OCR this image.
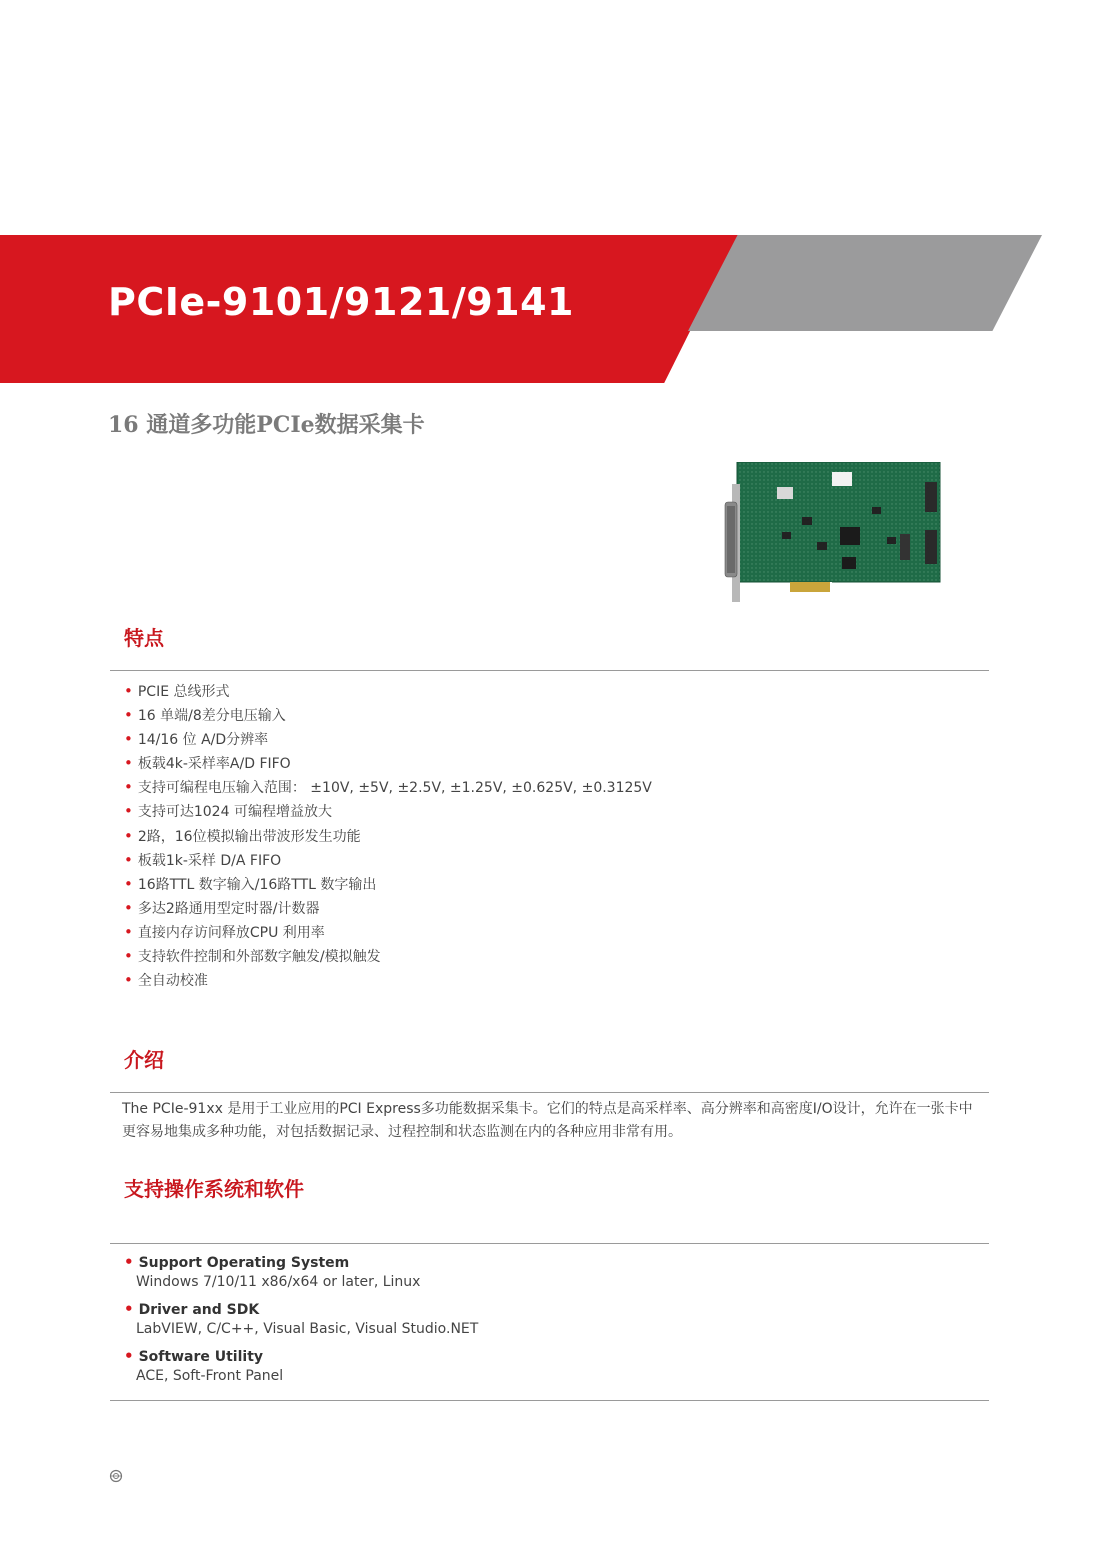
PCIe-9101/9121/9141
16 通道多功能PCIe数据采集卡
特点
• PCIE 总线形式
• 16 单端/8差分电压输入
• 14/16 位 A/D分辨率
• 板载4k-采样率A/D FIFO
• 支持可编程电压输入范围： ±10V, ±5V, ±2.5V, ±1.25V, ±0.625V, ±0.3125V
• 支持可达1024 可编程增益放大
• 2路，16位模拟输出带波形发生功能
• 板载1k-采样 D/A FIFO
• 16路TTL 数字输入/16路TTL 数字输出
• 多达2路通用型定时器/计数器
• 直接内存访问释放CPU 利用率
• 支持软件控制和外部数字触发/模拟触发
• 全自动校准
介绍

The PCIe-91xx 是用于工业应用的PCI Express多功能数据采集卡。它们的特点是高采样率、高分辨率和高密度I/O设计，允许在一张卡中更容易地集成多种功能，对包括数据记录、过程控制和状态监测在内的各种应用非常有用。

支持操作系统和软件
• Support Operating System
Windows 7/10/11 x86/x64 or later, Linux
• Driver and SDK
LabVIEW, C/C++, Visual Basic, Visual Studio.NET
• Software Utility
ACE, Soft-Front Panel
